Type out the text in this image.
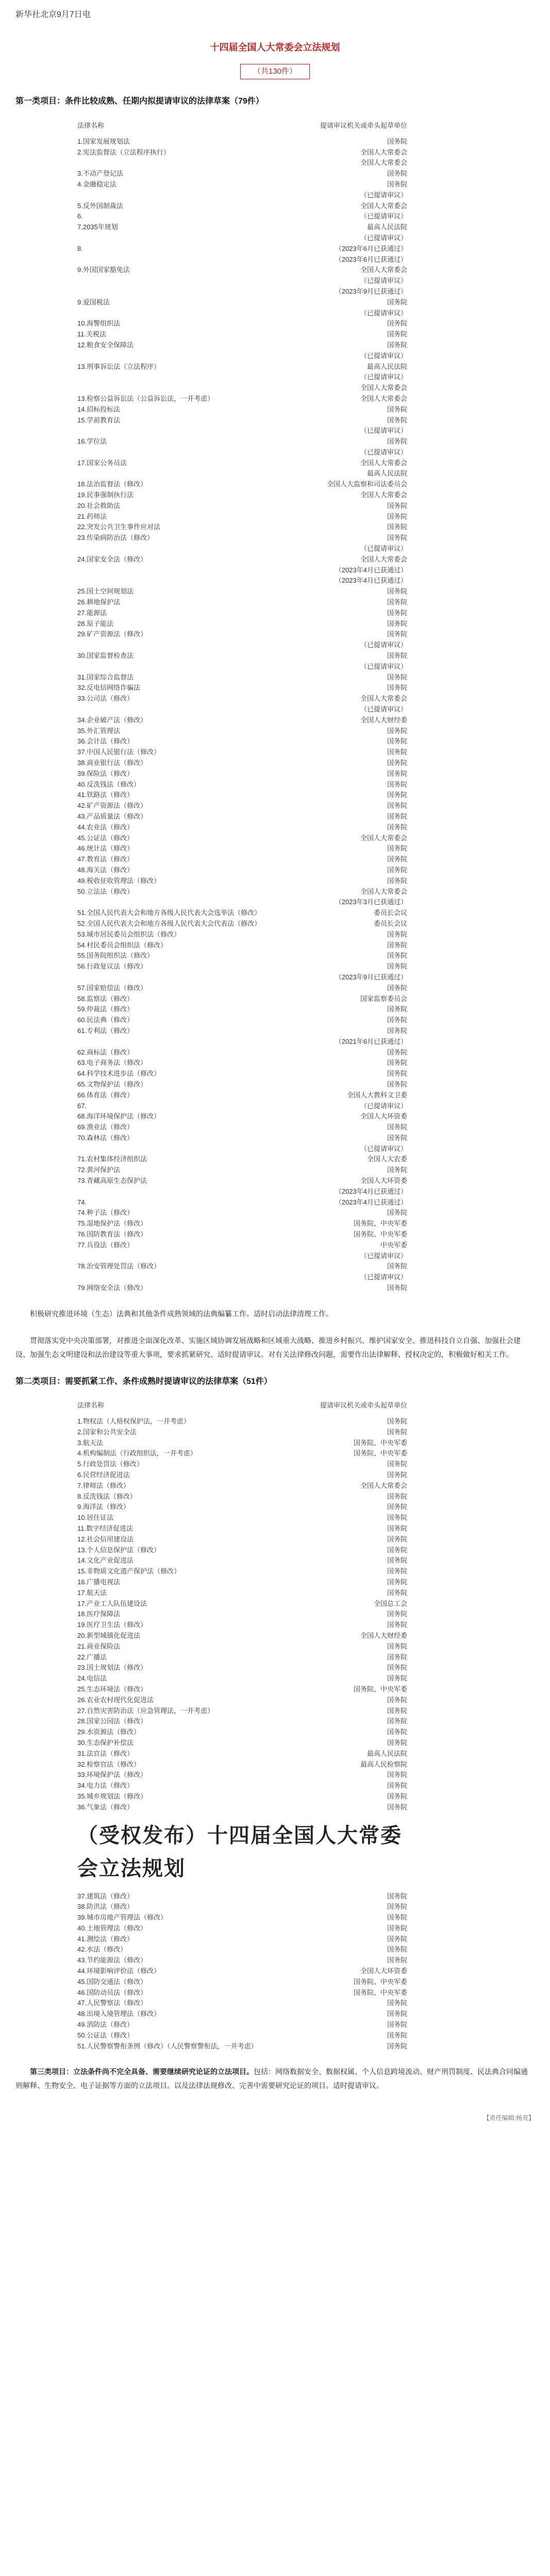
新华社北京9月7日电
十四届全国人大常委会立法规划
（共130件）
第一类项目：条件比较成熟、任期内拟提请审议的法律草案（79件）
法律名称	提请审议机关或牵头起草单位
1.国家发展规划法	国务院
2.宪法监督法（立法程序执行）	全国人大常委会
全国人大常委会
3.不动产登记法	国务院
4.金融稳定法	国务院
（已提请审议）
5.反外国制裁法	全国人大常委会
6.	（已提请审议）
7.2035年规划	最高人民法院
（已提请审议）
8.	（2023年6月已获通过）
（2023年6月已获通过）
9.外国国家豁免法	全国人大常委会
（已提请审议）
（2023年9月已获通过）
9.爱国税法	国务院
（已提请审议）
10.海警组织法	国务院
11.关税法	国务院
12.粮食安全保障法	国务院
（已提请审议）
13.刑事诉讼法（立法程序）	最高人民法院
（已提请审议）
全国人大常委会
13.检察公益诉讼法（公益诉讼法，一并考虑）	全国人大常委会
14.招标投标法	国务院
15.学前教育法	国务院
（已提请审议）
16.学位法	国务院
（已提请审议）
17.国家公务员法	全国人大常委会
最高人民法院
18.法治监督法（修改）	全国人大监察和司法委员会
19.民事强制执行法	全国人大常委会
20.社会救助法	国务院
21.药师法	国务院
22.突发公共卫生事件应对法	国务院
23.传染病防治法（修改）	国务院
（已提请审议）
24.国家安全法（修改）	全国人大常委会
（2023年4月已获通过）
（2023年4月已获通过）
25.国土空间规划法	国务院
26.耕地保护法	国务院
27.能源法	国务院
28.原子能法	国务院
29.矿产资源法（修改）	国务院
（已提请审议）
30.国家监督检查法	国务院
（已提请审议）
31.国家综合监督法	国务院
32.反电信网络诈骗法	国务院
33.公司法（修改）	全国人大常委会
（已提请审议）
34.企业破产法（修改）	全国人大财经委
35.外汇管理法	国务院
36.会计法（修改）	国务院
37.中国人民银行法（修改）	国务院
38.商业银行法（修改）	国务院
39.保险法（修改）	国务院
40.反洗钱法（修改）	国务院
41.铁路法（修改）	国务院
42.矿产资源法（修改）	国务院
43.产品质量法（修改）	国务院
44.农业法（修改）	国务院
45.公证法（修改）	全国人大常委会
46.统计法（修改）	国务院
47.教育法（修改）	国务院
48.海关法（修改）	国务院
49.税收征收管理法（修改）	国务院
50.立法法（修改）	全国人大常委会
（2023年3月已获通过）
51.全国人民代表大会和地方各级人民代表大会选举法（修改）	委员长会议
52.全国人民代表大会和地方各级人民代表大会代表法（修改）	委员长会议
53.城市居民委员会组织法（修改）	国务院
54.村民委员会组织法（修改）	国务院
55.国务院组织法（修改）	国务院
56.行政复议法（修改）	国务院
（2023年9月已获通过）
57.国家赔偿法（修改）	国务院
58.监察法（修改）	国家监察委员会
59.仲裁法（修改）	国务院
60.民法典（修改）	国务院
61.专利法（修改）	国务院
（2021年6月已获通过）
62.商标法（修改）	国务院
63.电子商务法（修改）	国务院
64.科学技术进步法（修改）	国务院
65.文物保护法（修改）	国务院
66.体育法（修改）	全国人大教科文卫委
67.	（已提请审议）
68.海洋环境保护法（修改）	全国人大环资委
69.渔业法（修改）	国务院
70.森林法（修改）	国务院
（已提请审议）
71.农村集体经济组织法	全国人大农委
72.黄河保护法	国务院
73.青藏高原生态保护法	全国人大环资委
（2023年4月已获通过）
74.	（2023年4月已获通过）
74.种子法（修改）	国务院
75.湿地保护法（修改）	国务院、中央军委
76.国防教育法（修改）	国务院、中央军委
77.兵役法（修改）	中央军委
（已提请审议）
78.治安管理处罚法（修改）	国务院
（已提请审议）
79.网络安全法（修改）	国务院

积极研究推进环境（生态）法典和其他条件成熟领域的法典编纂工作。适时启动法律清理工作。

贯彻落实党中央决策部署，对推进全面深化改革、实施区域协调发展战略和区域重大战略、推进乡村振兴、维护国家安全、推进科技自立自强、加强社会建设、加强生态文明建设和法治建设等重大事项，要求抓紧研究、适时提请审议。对有关法律修改问题，需要作出法律解释、授权决定的，积极做好相关工作。

第二类项目：需要抓紧工作、条件成熟时提请审议的法律草案（51件）
法律名称	提请审议机关或牵头起草单位
1.物权法（人格权保护法，一并考虑）	国务院
2.国家和公共安全法	国务院
3.航天法	国务院、中央军委
4.机构编制法（行政组织法，一并考虑）	国务院、中央军委
5.行政处罚法（修改）	国务院
6.民营经济促进法	国务院
7.律师法（修改）	全国人大常委会
8.反洗钱法（修改）	国务院
9.海洋法（修改）	国务院
10.居住证法	国务院
11.数字经济促进法	国务院
12.社会信用建设法	国务院
13.个人信息保护法（修改）	国务院
14.文化产业促进法	国务院
15.非物质文化遗产保护法（修改）	国务院
16.广播电视法	国务院
17.航天法	国务院
17.产业工人队伍建设法	全国总工会
18.医疗保障法	国务院
19.医疗卫生法（修改）	国务院
20.新型城镇化促进法	全国人大财经委
21.商业保险法	国务院
22.广播法	国务院
23.国土规划法（修改）	国务院
24.电信法	国务院
25.生态环境法（修改）	国务院、中央军委
26.农业农村现代化促进法	国务院
27.自然灾害防治法（应急管理法，一并考虑）	国务院
28.国家公园法（修改）	国务院
29.水资源法（修改）	国务院
30.生态保护补偿法	国务院
31.法官法（修改）	最高人民法院
32.检察官法（修改）	最高人民检察院
33.环境保护法（修改）	国务院
34.电力法（修改）	国务院
35.城乡规划法（修改）	国务院
36.气象法（修改）	国务院
（受权发布）十四届全国人大常委会立法规划
37.建筑法（修改）	国务院
38.防洪法（修改）	国务院
39.城市房地产管理法（修改）	国务院
40.土地管理法（修改）	国务院
41.测绘法（修改）	国务院
42.水法（修改）	国务院
43.节约能源法（修改）	国务院
44.环境影响评价法（修改）	全国人大环资委
45.国防交通法（修改）	国务院、中央军委
46.国防动员法（修改）	国务院、中央军委
47.人民警察法（修改）	国务院
48.出境入境管理法（修改）	国务院
49.消防法（修改）	国务院
50.公证法（修改）	国务院
51.人民警察警衔条例（修改）（人民警察警衔法，一并考虑）	国务院

第三类项目：立法条件尚不完全具备、需要继续研究论证的立法项目。包括：网络数据安全、数据权属、个人信息跨境流动、财产刑罚制度、民法典合同编通则解释、生物安全、电子证据等方面的立法项目。以及法律法规修改、完善中需要研究论证的项目。适时提请审议。

【责任编辑:杨亮】
